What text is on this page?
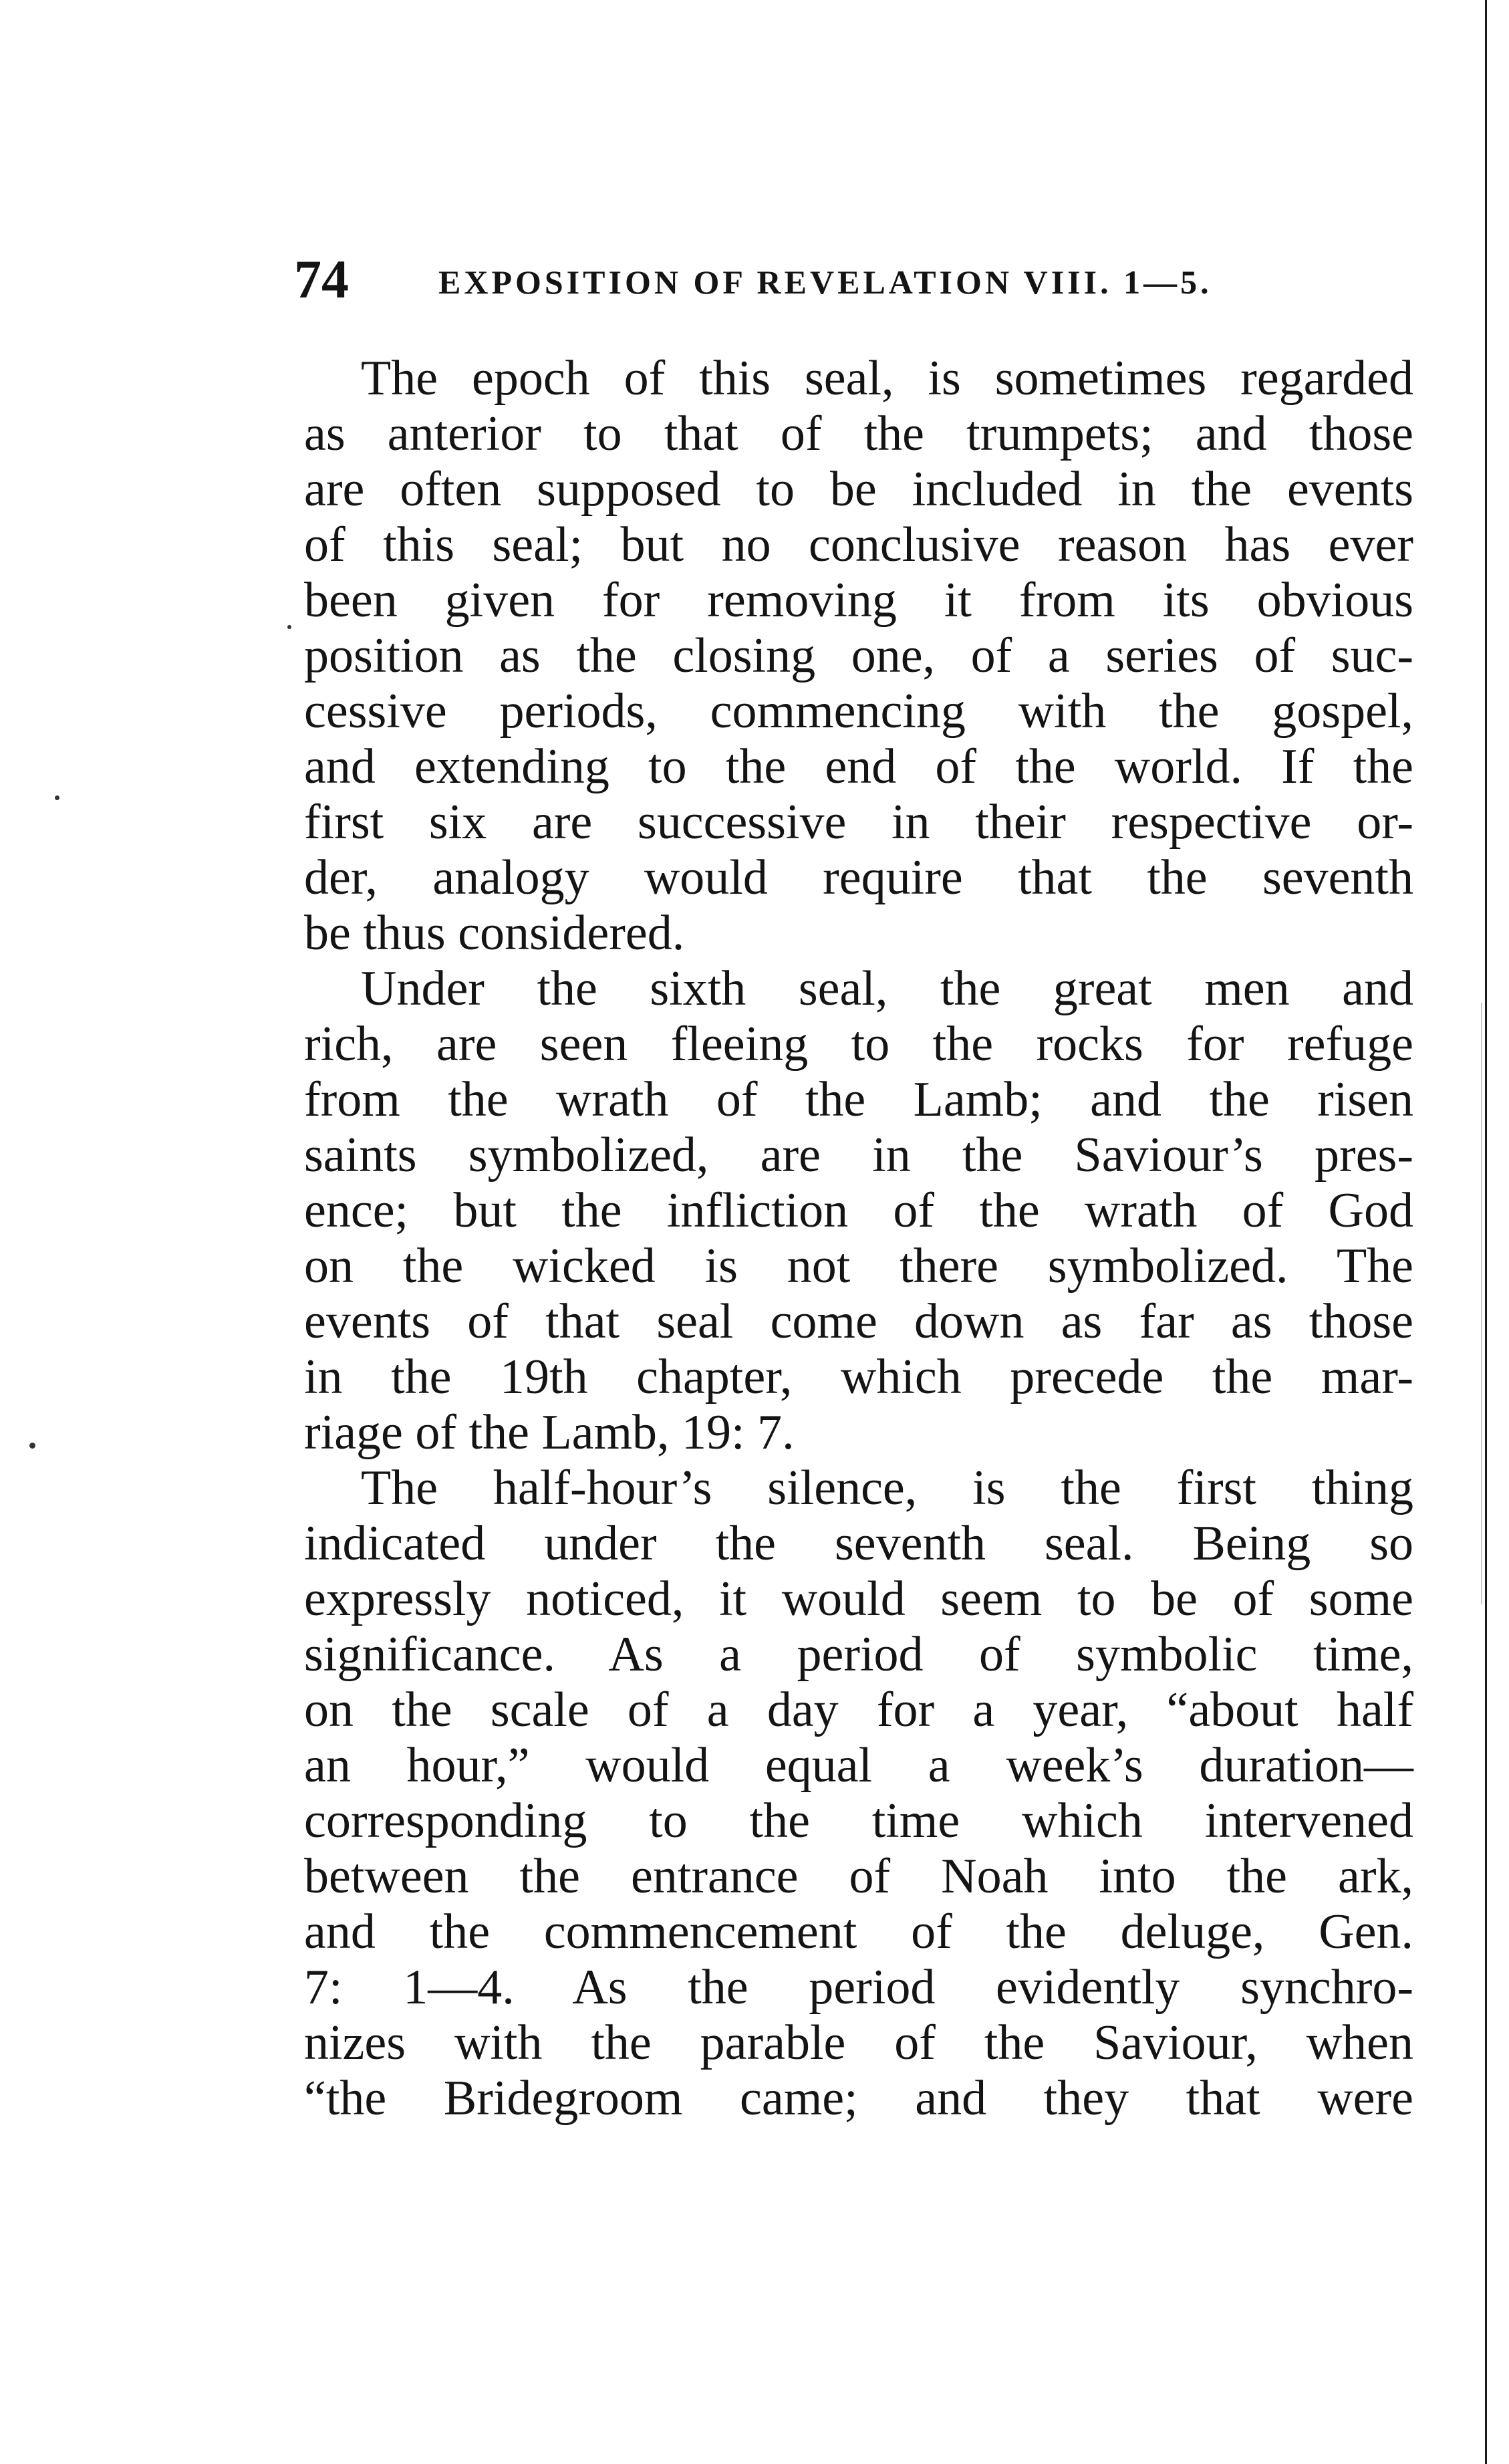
74	EXPOSITION OF REVELATION VIII. 1—5.
The epoch of this seal, is sometimes regarded
as anterior to that of the trumpets; and those
are often supposed to be included in the events
of this seal; but no conclusive reason has ever
been given for removing it from its obvious
position as the closing one, of a series of suc-
cessive periods, commencing with the gospel,
and extending to the end of the world. If the
first six are successive in their respective or-
der, analogy would require that the seventh
be thus considered.
Under the sixth seal, the great men and
rich, are seen fleeing to the rocks for refuge
from the wrath of the Lamb; and the risen
saints symbolized, are in the Saviour’s pres-
ence; but the infliction of the wrath of God
on the wicked is not there symbolized. The
events of that seal come down as far as those
in the 19th chapter, which precede the mar-
riage of the Lamb, 19: 7.
The half-hour’s silence, is the first thing
indicated under the seventh seal. Being so
expressly noticed, it would seem to be of some
significance. As a period of symbolic time,
on the scale of a day for a year, “about half
an hour,” would equal a week’s duration—
corresponding to the time which intervened
between the entrance of Noah into the ark,
and the commencement of the deluge, Gen.
7: 1—4. As the period evidently synchro-
nizes with the parable of the Saviour, when
“the Bridegroom came; and they that were
